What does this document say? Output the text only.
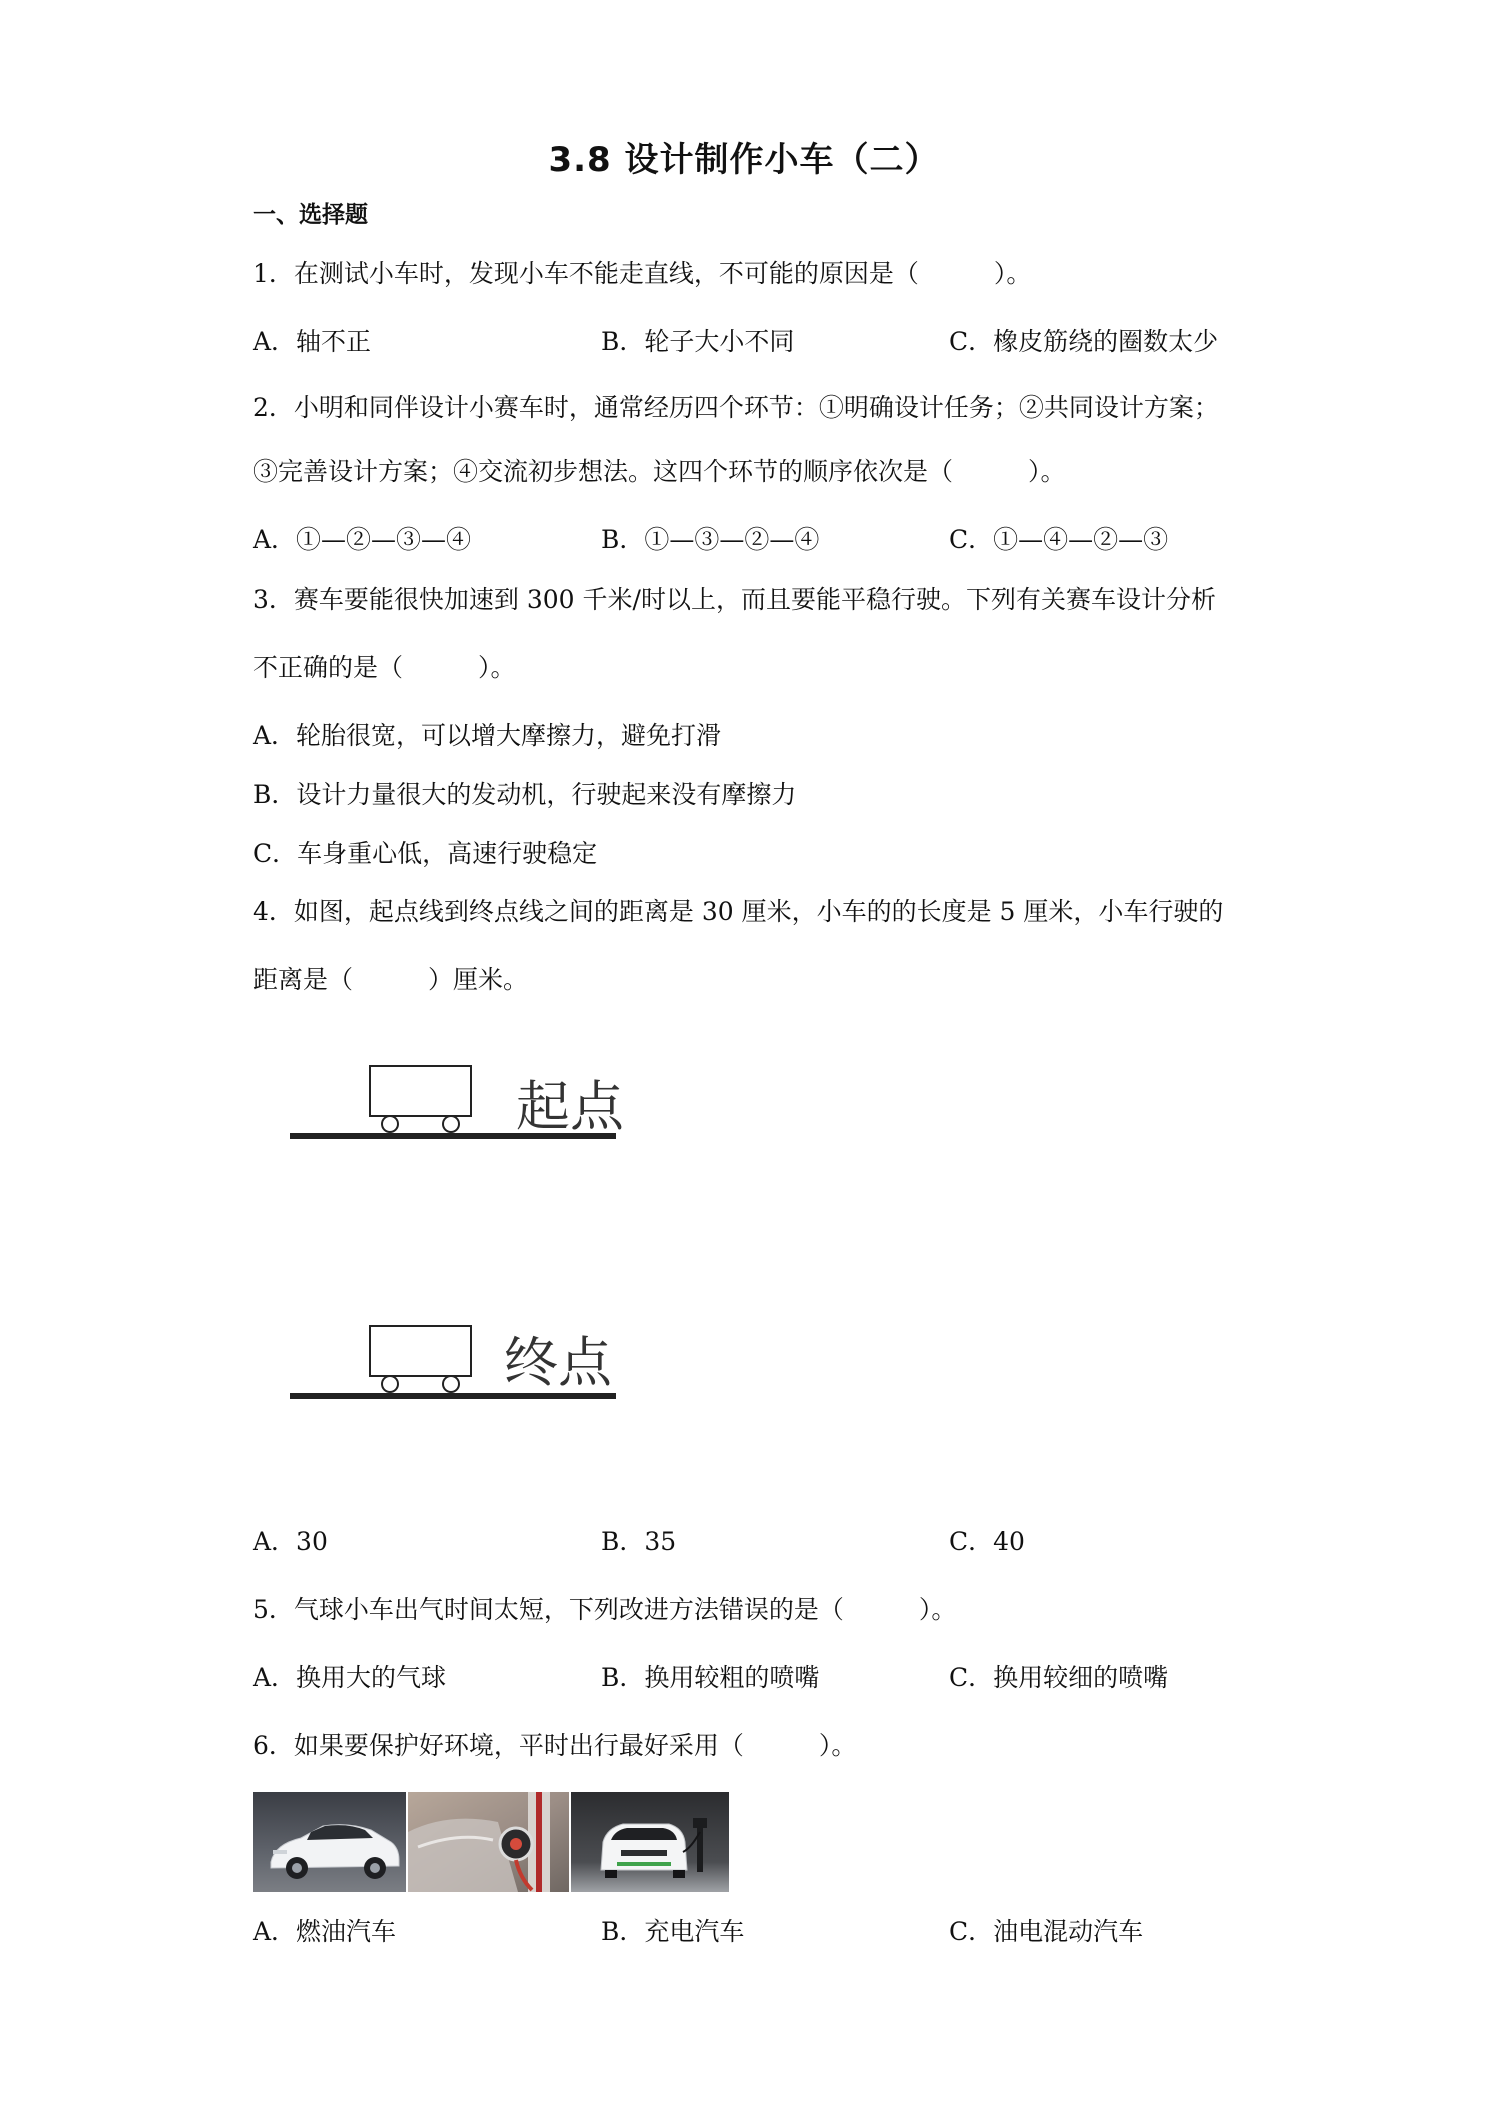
3.8 设计制作小车（二）
一、选择题
1．在测试小车时，发现小车不能走直线，不可能的原因是（　　　）。
A．轴不正	B．轮子大小不同	C．橡皮筋绕的圈数太少
2．小明和同伴设计小赛车时，通常经历四个环节：①明确设计任务；②共同设计方案；
③完善设计方案；④交流初步想法。这四个环节的顺序依次是（　　　）。
A．①—②—③—④	B．①—③—②—④	C．①—④—②—③
3．赛车要能很快加速到 300 千米/时以上，而且要能平稳行驶。下列有关赛车设计分析
不正确的是（　　　）。
A．轮胎很宽，可以增大摩擦力，避免打滑
B．设计力量很大的发动机，行驶起来没有摩擦力
C．车身重心低，高速行驶稳定
4．如图，起点线到终点线之间的距离是 30 厘米，小车的的长度是 5 厘米，小车行驶的
距离是（　　　）厘米。
起点
终点
A．30	B．35	C．40
5．气球小车出气时间太短，下列改进方法错误的是（　　　）。
A．换用大的气球	B．换用较粗的喷嘴	C．换用较细的喷嘴
6．如果要保护好环境，平时出行最好采用（　　　）。
A．燃油汽车	B．充电汽车	C．油电混动汽车
